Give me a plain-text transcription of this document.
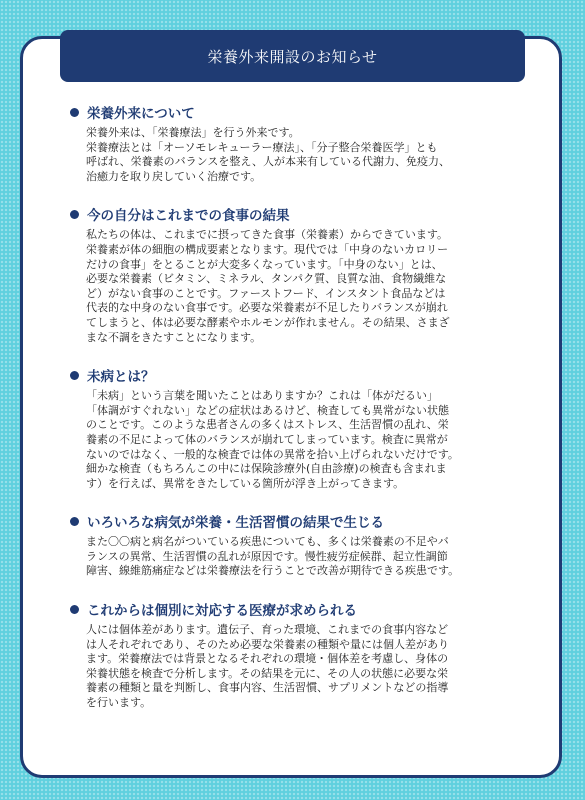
栄養外来開設のお知らせ
栄養外来について

栄養外来は、「栄養療法」を行う外来です。
栄養療法とは「オーソモレキューラー療法」、「分子整合栄養医学」とも
呼ばれ、栄養素のバランスを整え、人が本来有している代謝力、免疫力、
治癒力を取り戻していく治療です。

今の自分はこれまでの食事の結果

私たちの体は、これまでに摂ってきた食事（栄養素）からできています。
栄養素が体の細胞の構成要素となります。現代では「中身のないカロリー
だけの食事」をとることが大変多くなっています。「中身のない」とは、
必要な栄養素（ビタミン、ミネラル、タンパク質、良質な油、食物繊維な
ど）がない食事のことです。ファーストフード、インスタント食品などは
代表的な中身のない食事です。必要な栄養素が不足したりバランスが崩れ
てしまうと、体は必要な酵素やホルモンが作れません。その結果、さまざ
まな不調をきたすことになります。

未病とは？

「未病」という言葉を聞いたことはありますか？これは「体がだるい」
「体調がすぐれない」などの症状はあるけど、検査しても異常がない状態
のことです。このような患者さんの多くはストレス、生活習慣の乱れ、栄
養素の不足によって体のバランスが崩れてしまっています。検査に異常が
ないのではなく、一般的な検査では体の異常を拾い上げられないだけです。
細かな検査（もちろんこの中には保険診療外(自由診療)の検査も含まれま
す）を行えば、異常をきたしている箇所が浮き上がってきます。

いろいろな病気が栄養・生活習慣の結果で生じる

また〇〇病と病名がついている疾患についても、多くは栄養素の不足やバ
ランスの異常、生活習慣の乱れが原因です。慢性疲労症候群、起立性調節
障害、線維筋痛症などは栄養療法を行うことで改善が期待できる疾患です。

これからは個別に対応する医療が求められる

人には個体差があります。遺伝子、育った環境、これまでの食事内容など
は人それぞれであり、そのため必要な栄養素の種類や量には個人差があり
ます。栄養療法では背景となるそれぞれの環境・個体差を考慮し、身体の
栄養状態を検査で分析します。その結果を元に、その人の状態に必要な栄
養素の種類と量を判断し、食事内容、生活習慣、サプリメントなどの指導
を行います。
